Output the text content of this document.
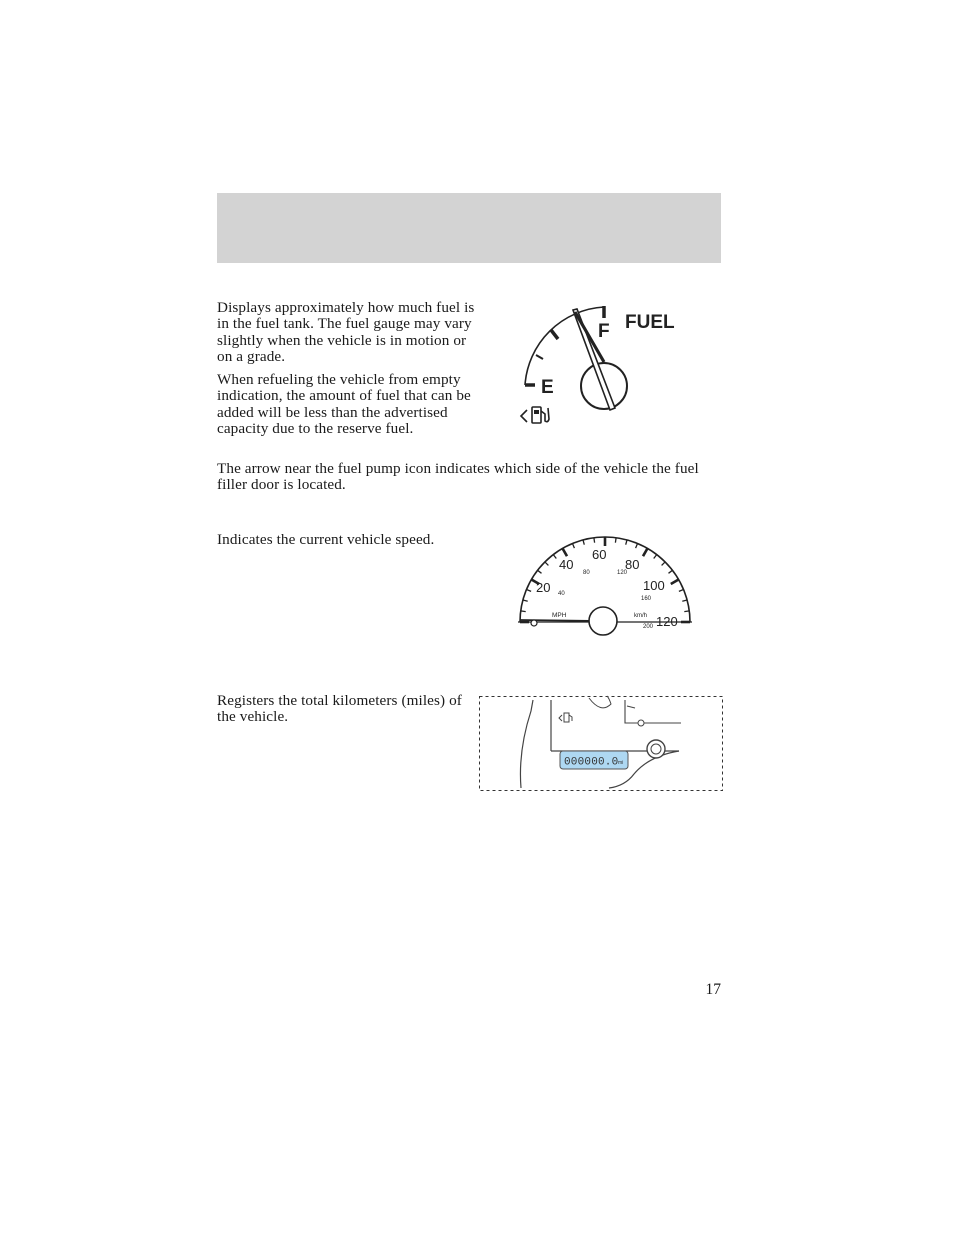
Displays approximately how much fuel is in the fuel tank. The fuel gauge may vary slightly when the vehicle is in motion or on a grade.

When refueling the vehicle from empty indication, the amount of fuel that can be added will be less than the advertised capacity due to the reserve fuel.

The arrow near the fuel pump icon indicates which side of the vehicle the fuel filler door is located.

F
E
FUEL

Indicates the current vehicle speed.

20
40
60
80
100
120
40
80	120
160
200
MPH	km/h

Registers the total kilometers (miles) of the vehicle.

000000.0 mi
17
